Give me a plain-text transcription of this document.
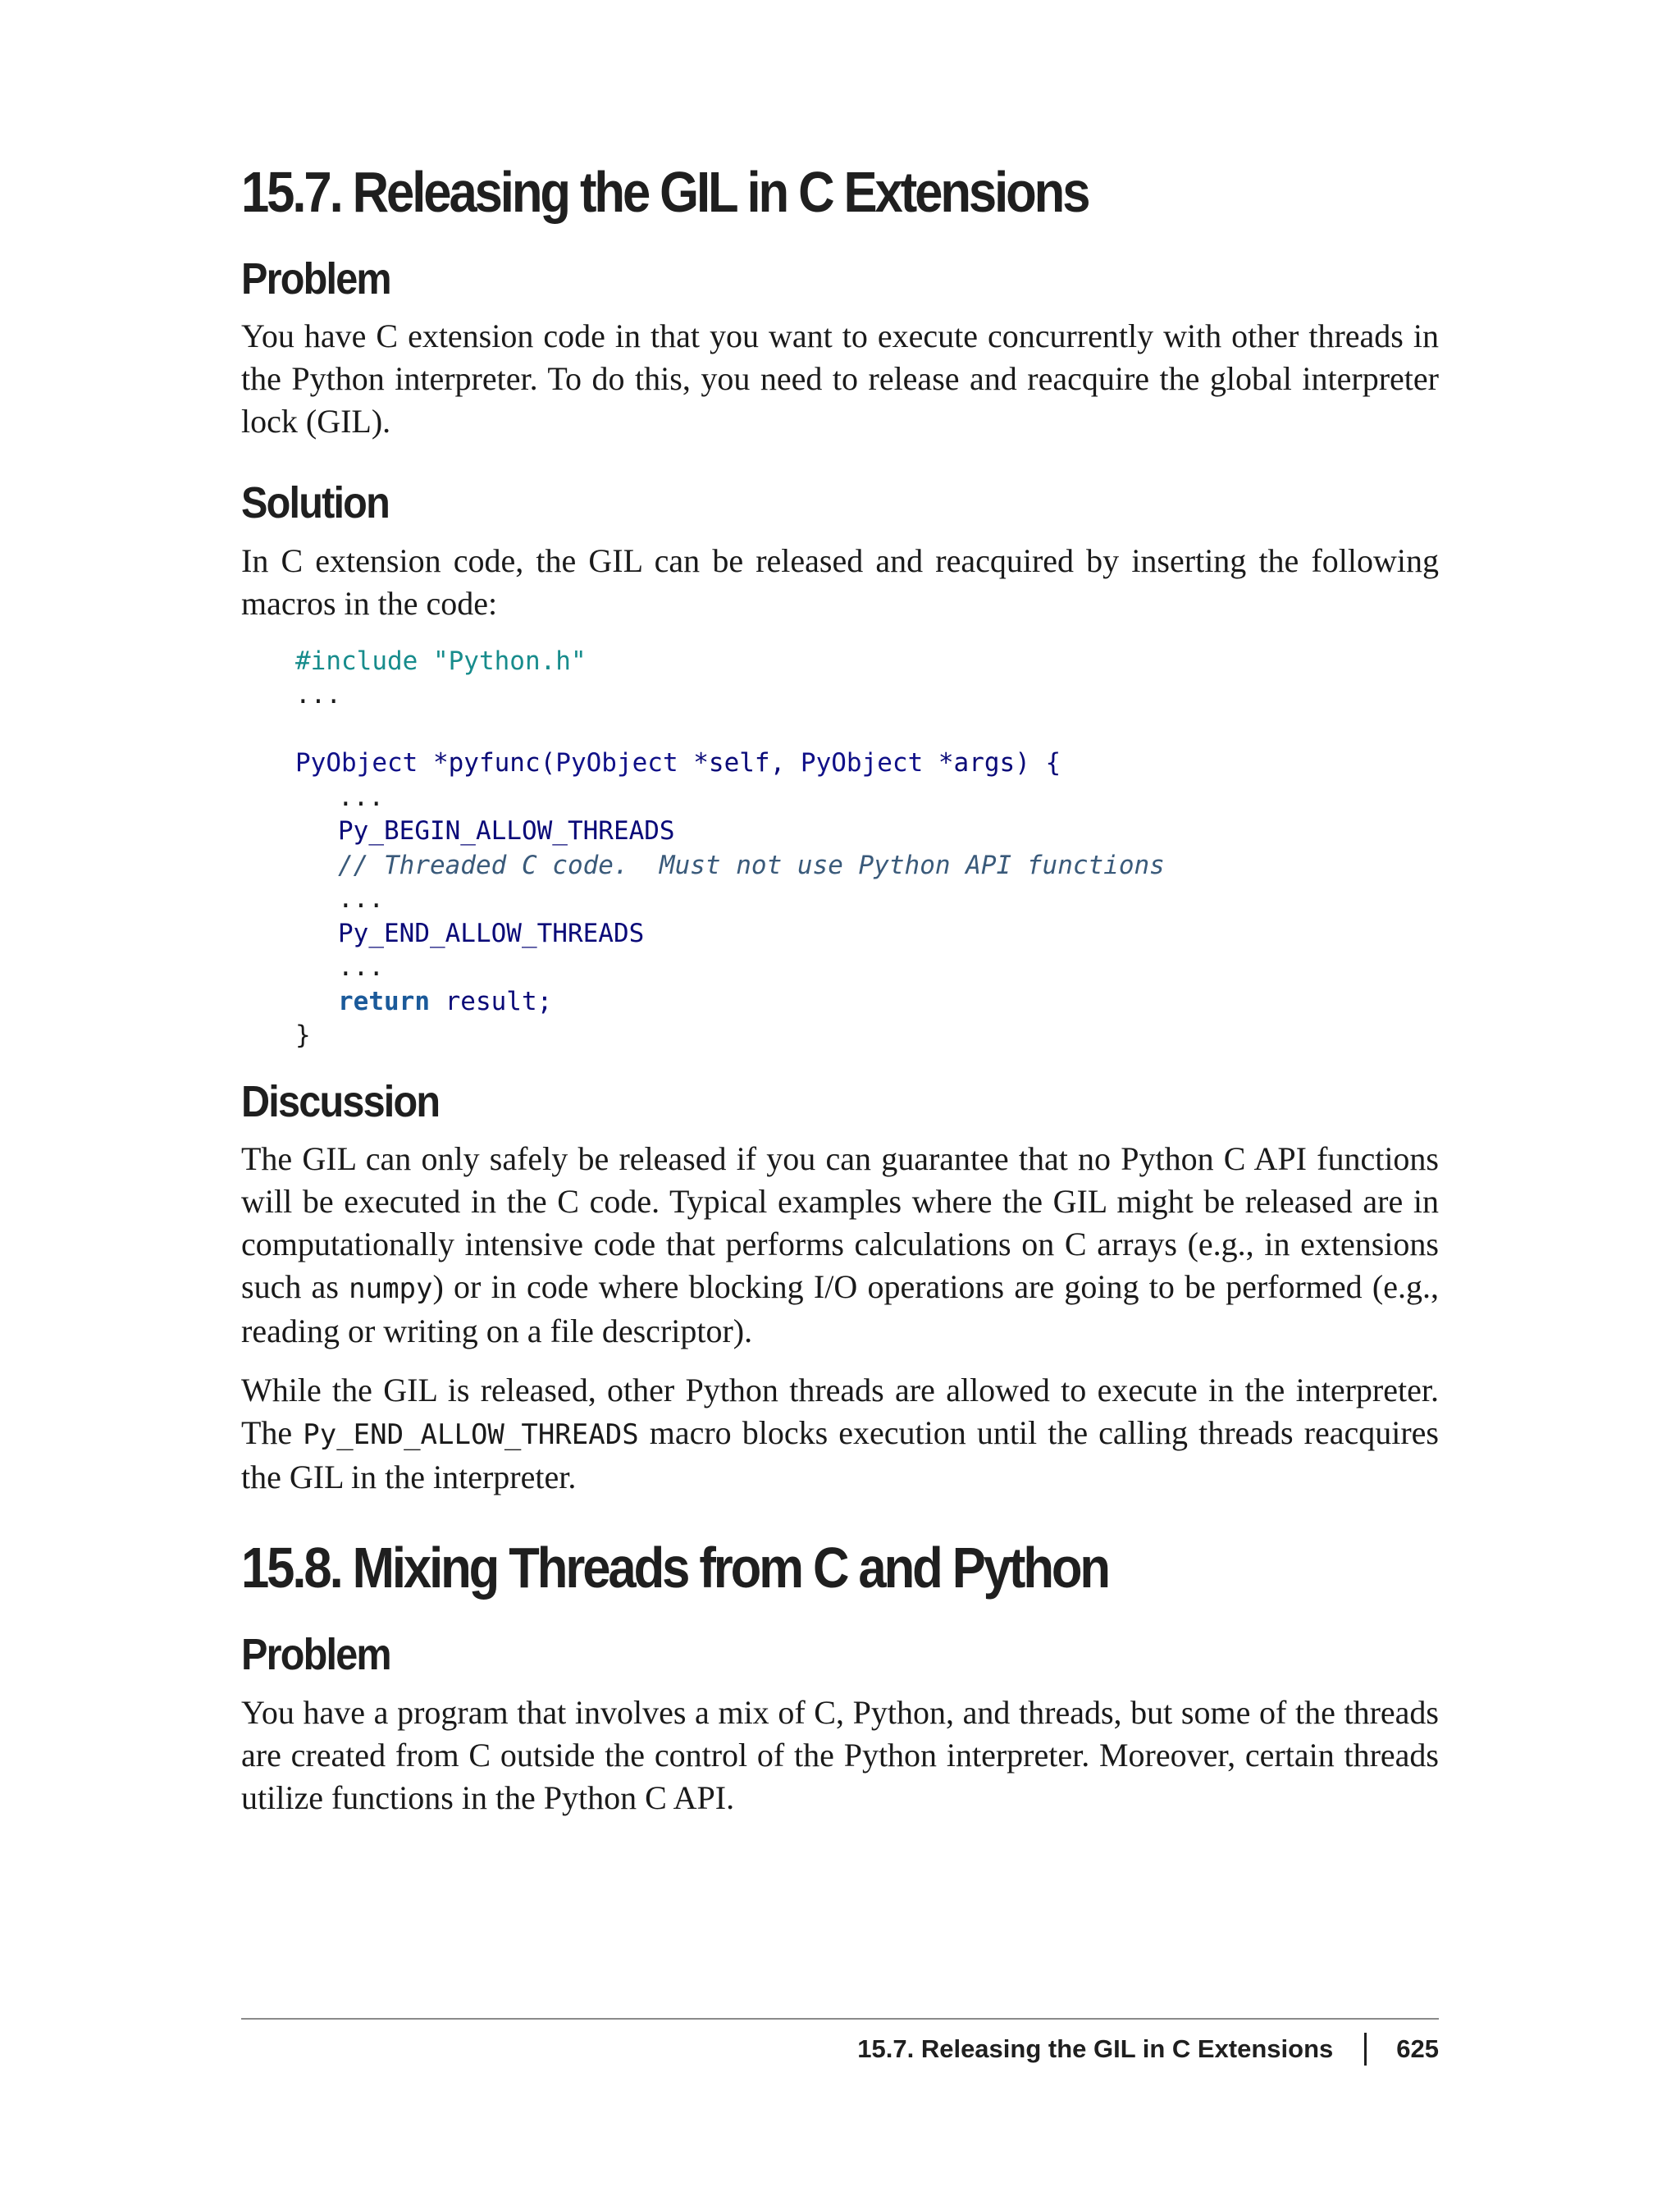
15.7. Releasing the GIL in C Extensions
Problem

You have C extension code in that you want to execute concurrently with other threads in the Python interpreter. To do this, you need to release and reacquire the global interpreter lock (GIL).

Solution

In C extension code, the GIL can be released and reacquired by inserting the following macros in the code:

#include "Python.h"
...

PyObject *pyfunc(PyObject *self, PyObject *args) {
...
Py_BEGIN_ALLOW_THREADS
// Threaded C code.  Must not use Python API functions
...
Py_END_ALLOW_THREADS
...
return result;
}
Discussion

The GIL can only safely be released if you can guarantee that no Python C API functions will be executed in the C code. Typical examples where the GIL might be released are in computationally intensive code that performs calculations on C arrays (e.g., in extensions such as numpy) or in code where blocking I/O operations are going to be performed (e.g., reading or writing on a file descriptor).

While the GIL is released, other Python threads are allowed to execute in the interpreter. The Py_END_ALLOW_THREADS macro blocks execution until the calling threads reacquires the GIL in the interpreter.

15.8. Mixing Threads from C and Python
Problem

You have a program that involves a mix of C, Python, and threads, but some of the threads are created from C outside the control of the Python interpreter. Moreover, certain threads utilize functions in the Python C API.

15.7. Releasing the GIL in C Extensions 625
